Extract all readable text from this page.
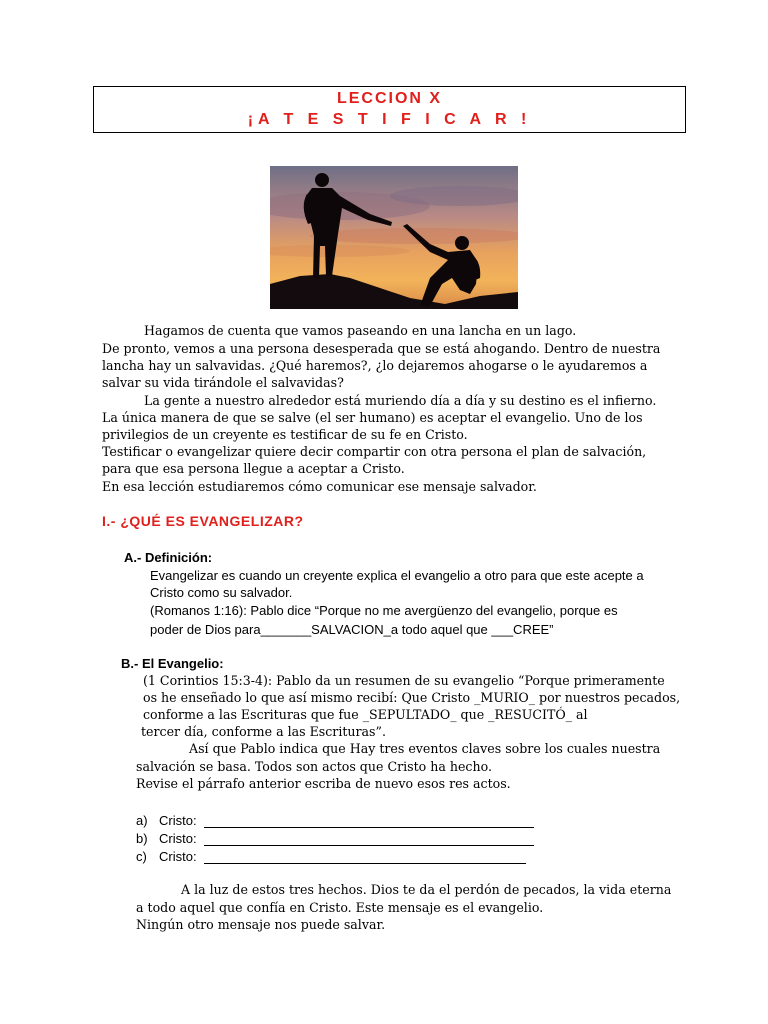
LECCION X
¡A T E S T I F I C A R !
Hagamos de cuenta que vamos paseando en una lancha en un lago.
De pronto, vemos a una persona desesperada que se está ahogando. Dentro de nuestra
lancha hay un salvavidas. ¿Qué haremos?, ¿lo dejaremos ahogarse o le ayudaremos a
salvar su vida tirándole el salvavidas?
La gente a nuestro alrededor está muriendo día a día y su destino es el infierno.
La única manera de que se salve (el ser humano) es aceptar el evangelio. Uno de los
privilegios de un creyente es testificar de su fe en Cristo.
Testificar o evangelizar quiere decir compartir con otra persona el plan de salvación,
para que esa persona llegue a aceptar a Cristo.
En esa lección estudiaremos cómo comunicar ese mensaje salvador.
I.- ¿QUÉ ES EVANGELIZAR?
A.- Definición:
Evangelizar es cuando un creyente explica el evangelio a otro para que este acepte a
Cristo como su salvador.
(Romanos 1:16): Pablo dice “Porque no me avergüenzo del evangelio, porque es
poder de Dios para_______SALVACION_a todo aquel que ___CREE”
B.- El Evangelio:
(1 Corintios 15:3-4): Pablo da un resumen de su evangelio “Porque primeramente
os he enseñado lo que así mismo recibí: Que Cristo _MURIO_ por nuestros pecados,
conforme a las Escrituras que fue _SEPULTADO_ que _RESUCITÓ_ al
tercer día, conforme a las Escrituras”.
Así que Pablo indica que Hay tres eventos claves sobre los cuales nuestra
salvación se basa. Todos son actos que Cristo ha hecho.
Revise el párrafo anterior escriba de nuevo esos res actos.
a) Cristo:
b) Cristo:
c) Cristo:
A la luz de estos tres hechos. Dios te da el perdón de pecados, la vida eterna
a todo aquel que confía en Cristo. Este mensaje es el evangelio.
Ningún otro mensaje nos puede salvar.
